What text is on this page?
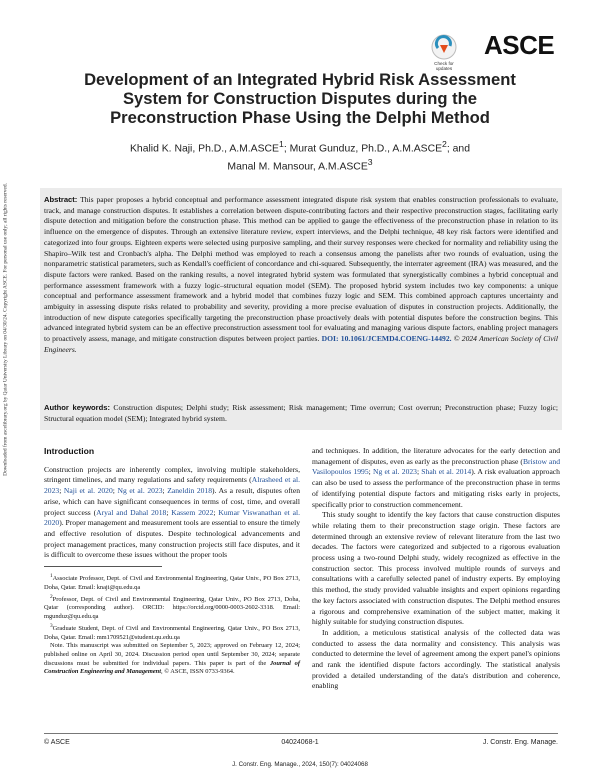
Downloaded from ascelibrary.org by Qatar University Library on 04/30/24. Copyright ASCE. For personal use only; all rights reserved.
Check for
updates
ASCE
Development of an Integrated Hybrid Risk Assessment System for Construction Disputes during the Preconstruction Phase Using the Delphi Method
Khalid K. Naji, Ph.D., A.M.ASCE$^1$; Murat Gunduz, Ph.D., A.M.ASCE$^2$; and
Manal M. Mansour, A.M.ASCE$^3$
Abstract: This paper proposes a hybrid conceptual and performance assessment integrated dispute risk system that enables construction professionals to evaluate, track, and manage construction disputes. It establishes a correlation between dispute-contributing factors and their respective preconstruction stages, facilitating early dispute detection and mitigation before the construction phase. This method can be applied to gauge the effectiveness of the preconstruction phase in relation to its influence on the emergence of disputes. Through an extensive literature review, expert interviews, and the Delphi technique, 48 key risk factors were identified and categorized into four groups. Eighteen experts were selected using purposive sampling, and their survey responses were checked for normality and reliability using the Shapiro–Wilk test and Cronbach's alpha. The Delphi method was employed to reach a consensus among the panelists after two rounds of evaluation, using the nonparametric statistical parameters, such as Kendall's coefficient of concordance and chi-squared. Subsequently, the interrater agreement (IRA) was measured, and the dispute factors were ranked. Based on the ranking results, a novel integrated hybrid system was formulated that synergistically combines a hybrid conceptual and performance assessment framework with a fuzzy logic–structural equation model (SEM). The proposed hybrid system includes two key components: a unique conceptual and performance assessment framework and a hybrid model that combines fuzzy logic and SEM. This combined approach captures uncertainty and ambiguity in assessing dispute risks related to probability and severity, providing a more precise evaluation of disputes in construction projects. Additionally, the introduction of new dispute categories specifically targeting the preconstruction phase proactively deals with potential disputes before the construction begins. This advanced integrated hybrid system can be an effective preconstruction assessment tool for evaluating and managing various dispute factors, enabling project managers to proactively assess, manage, and mitigate construction disputes between project parties. DOI: 10.1061/JCEMD4.COENG-14492. © 2024 American Society of Civil Engineers.
Author keywords: Construction disputes; Delphi study; Risk assessment; Risk management; Time overrun; Cost overrun; Preconstruction phase; Fuzzy logic; Structural equation model (SEM); Integrated hybrid system.
Introduction

Construction projects are inherently complex, involving multiple stakeholders, stringent timelines, and many regulations and safety requirements (Alrasheed et al. 2023; Naji et al. 2020; Ng et al. 2023; Zaneldin 2018). As a result, disputes often arise, which can have significant consequences in terms of cost, time, and overall project success (Aryal and Dahal 2018; Kassem 2022; Kumar Viswanathan et al. 2020). Proper management and measurement tools are essential to ensure the timely and effective resolution of disputes. Despite technological advancements and project management practices, many construction projects still face disputes, and it is difficult to overcome these issues without the proper tools

$^1$Associate Professor, Dept. of Civil and Environmental Engineering, Qatar Univ., PO Box 2713, Doha, Qatar. Email: knaji@qu.edu.qa

$^2$Professor, Dept. of Civil and Environmental Engineering, Qatar Univ., PO Box 2713, Doha, Qatar (corresponding author). ORCID: https://orcid.org/0000-0003-2602-3318. Email: mgunduz@qu.edu.qa

$^3$Graduate Student, Dept. of Civil and Environmental Engineering, Qatar Univ., PO Box 2713, Doha, Qatar. Email: mm1709521@student.qu.edu.qa

Note. This manuscript was submitted on September 5, 2023; approved on February 12, 2024; published online on April 30, 2024. Discussion period open until September 30, 2024; separate discussions must be submitted for individual papers. This paper is part of the Journal of Construction Engineering and Management, © ASCE, ISSN 0733-9364.

and techniques. In addition, the literature advocates for the early detection and management of disputes, even as early as the preconstruction phase (Bristow and Vasilopoulos 1995; Ng et al. 2023; Shah et al. 2014). A risk evaluation approach can also be used to assess the performance of the preconstruction phase in terms of identifying potential dispute factors and mitigating risks early in projects, specifically prior to construction commencement.

This study sought to identify the key factors that cause construction disputes while relating them to their preconstruction stage origin. These factors are determined through an extensive review of relevant literature from the last two decades. The factors were categorized and subjected to a rigorous evaluation process using a two-round Delphi study, widely recognized as effective in the construction sector. This process involved multiple rounds of surveys and consultations with a carefully selected panel of industry experts. By employing this method, the study provided valuable insights and expert opinions regarding the key factors associated with construction disputes. The Delphi method ensures a rigorous and comprehensive examination of the subject matter, making it highly suitable for studying construction disputes.

In addition, a meticulous statistical analysis of the collected data was conducted to assess the data normality and consistency. This analysis was conducted to determine the level of agreement among the expert panel's opinions and rank the identified dispute factors accordingly. The statistical analysis provided a detailed understanding of the data's distribution and coherence, enabling

© ASCE	04024068-1	J. Constr. Eng. Manage.
J. Constr. Eng. Manage., 2024, 150(7): 04024068
